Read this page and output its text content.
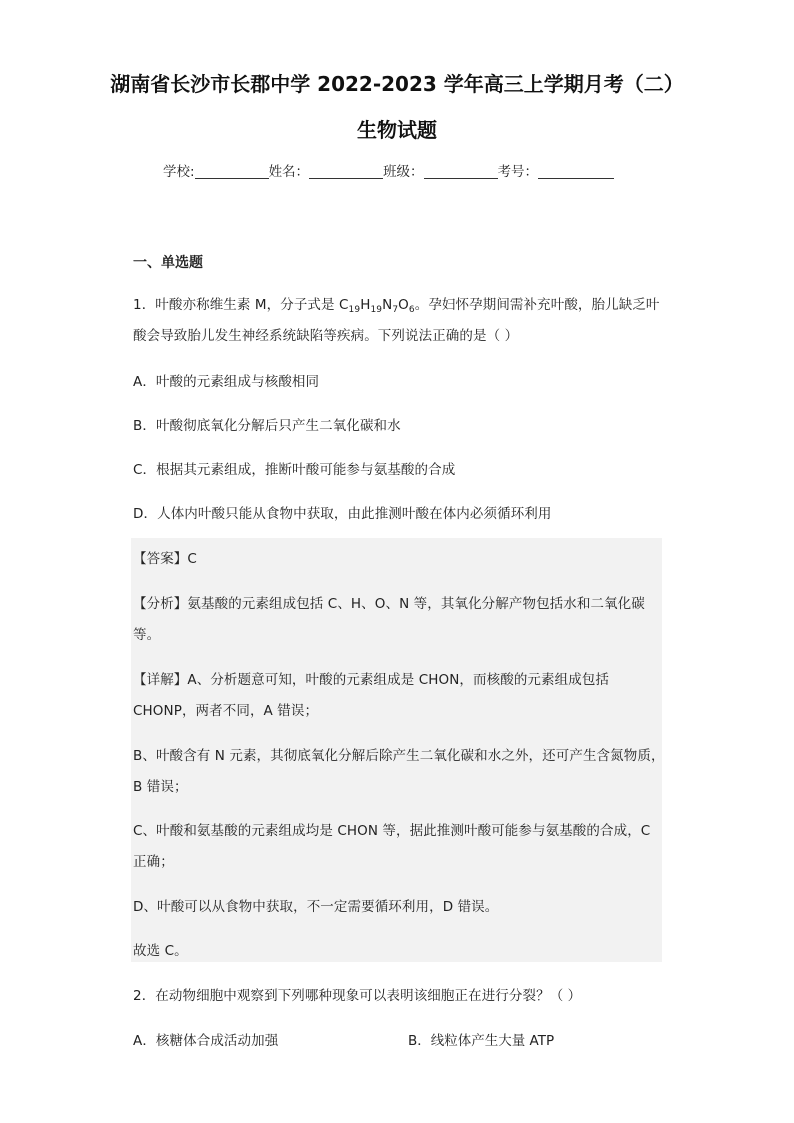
湖南省长沙市长郡中学 2022-2023 学年高三上学期月考（二）
生物试题
学校:	姓名：	班级：	考号：
一、单选题
1．叶酸亦称维生素 M，分子式是 $C_{19}H_{19}N_7O_6$。孕妇怀孕期间需补充叶酸，胎儿缺乏叶
酸会导致胎儿发生神经系统缺陷等疾病。下列说法正确的是（ ）
A．叶酸的元素组成与核酸相同
B．叶酸彻底氧化分解后只产生二氧化碳和水
C．根据其元素组成，推断叶酸可能参与氨基酸的合成
D．人体内叶酸只能从食物中获取，由此推测叶酸在体内必须循环利用
【答案】C
【分析】氨基酸的元素组成包括 C、H、O、N 等，其氧化分解产物包括水和二氧化碳
等。
【详解】A、分析题意可知，叶酸的元素组成是 CHON，而核酸的元素组成包括
CHONP，两者不同，A 错误；
B、叶酸含有 N 元素，其彻底氧化分解后除产生二氧化碳和水之外，还可产生含氮物质，
B 错误；
C、叶酸和氨基酸的元素组成均是 CHON 等，据此推测叶酸可能参与氨基酸的合成，C
正确；
D、叶酸可以从食物中获取，不一定需要循环利用，D 错误。
故选 C。
2．在动物细胞中观察到下列哪种现象可以表明该细胞正在进行分裂？（ ）
A．核糖体合成活动加强	B．线粒体产生大量 ATP
